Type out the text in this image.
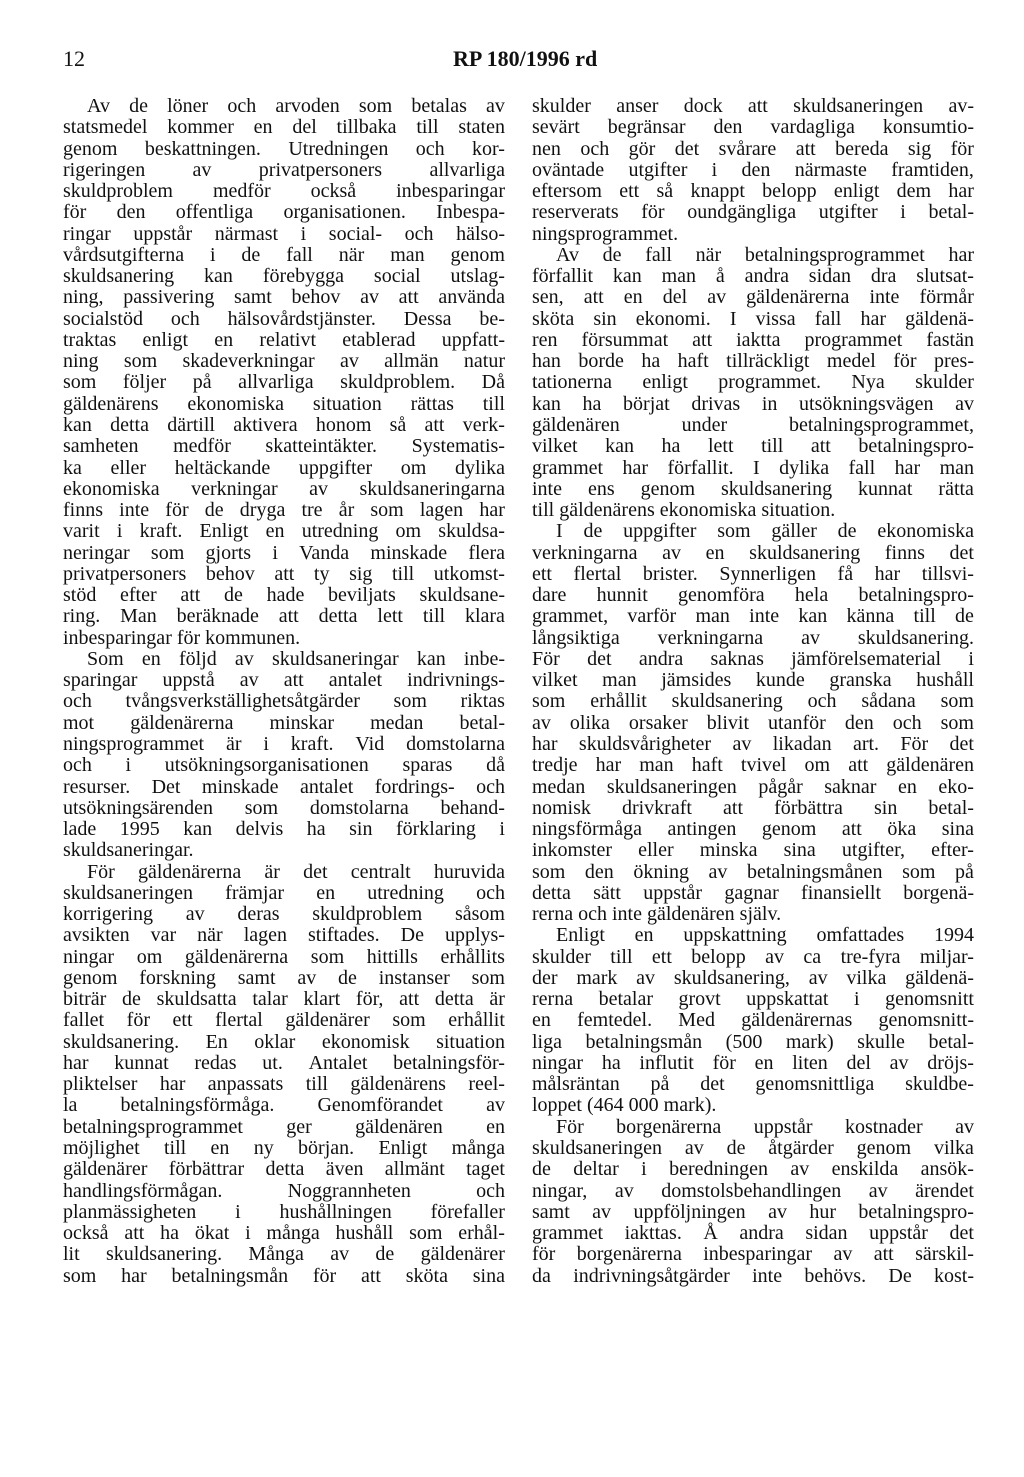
12	RP 180/1996 rd
Av de löner och arvoden som betalas av
statsmedel kommer en del tillbaka till staten
genom beskattningen. Utredningen och kor-
rigeringen av privatpersoners allvarliga
skuldproblem medför också inbesparingar
för den offentliga organisationen. Inbespa-
ringar uppstår närmast i social- och hälso-
vårdsutgifterna i de fall när man genom
skuldsanering kan förebygga social utslag-
ning, passivering samt behov av att använda
socialstöd och hälsovårdstjänster. Dessa be-
traktas enligt en relativt etablerad uppfatt-
ning som skadeverkningar av allmän natur
som följer på allvarliga skuldproblem. Då
gäldenärens ekonomiska situation rättas till
kan detta därtill aktivera honom så att verk-
samheten medför skatteintäkter. Systematis-
ka eller heltäckande uppgifter om dylika
ekonomiska verkningar av skuldsaneringarna
finns inte för de dryga tre år som lagen har
varit i kraft. Enligt en utredning om skuldsa-
neringar som gjorts i Vanda minskade flera
privatpersoners behov att ty sig till utkomst-
stöd efter att de hade beviljats skuldsane-
ring. Man beräknade att detta lett till klara
inbesparingar för kommunen.
Som en följd av skuldsaneringar kan inbe-
sparingar uppstå av att antalet indrivnings-
och tvångsverkställighetsåtgärder som riktas
mot gäldenärerna minskar medan betal-
ningsprogrammet är i kraft. Vid domstolarna
och i utsökningsorganisationen sparas då
resurser. Det minskade antalet fordrings- och
utsökningsärenden som domstolarna behand-
lade 1995 kan delvis ha sin förklaring i
skuldsaneringar.
För gäldenärerna är det centralt huruvida
skuldsaneringen främjar en utredning och
korrigering av deras skuldproblem såsom
avsikten var när lagen stiftades. De upplys-
ningar om gäldenärerna som hittills erhållits
genom forskning samt av de instanser som
biträr de skuldsatta talar klart för, att detta är
fallet för ett flertal gäldenärer som erhållit
skuldsanering. En oklar ekonomisk situation
har kunnat redas ut. Antalet betalningsför-
pliktelser har anpassats till gäldenärens reel-
la betalningsförmåga. Genomförandet av
betalningsprogrammet ger gäldenären en
möjlighet till en ny början. Enligt många
gäldenärer förbättrar detta även allmänt taget
handlingsförmågan.	Noggrannheten	och
planmässigheten i hushållningen förefaller
också att ha ökat i många hushåll som erhål-
lit skuldsanering. Många av de gäldenärer
som har betalningsmån för att sköta sina
skulder anser dock att skuldsaneringen av-
sevärt begränsar den vardagliga konsumtio-
nen och gör det svårare att bereda sig för
oväntade utgifter i den närmaste framtiden,
eftersom ett så knappt belopp enligt dem har
reserverats för oundgängliga utgifter i betal-
ningsprogrammet.
Av de fall när betalningsprogrammet har
förfallit kan man å andra sidan dra slutsat-
sen, att en del av gäldenärerna inte förmår
sköta sin ekonomi. I vissa fall har gäldenä-
ren försummat att iaktta programmet fastän
han borde ha haft tillräckligt medel för pres-
tationerna enligt programmet. Nya skulder
kan ha börjat drivas in utsökningsvägen av
gäldenären	under	betalningsprogrammet,
vilket kan ha lett till att betalningspro-
grammet har förfallit. I dylika fall har man
inte ens genom skuldsanering kunnat rätta
till gäldenärens ekonomiska situation.
I de uppgifter som gäller de ekonomiska
verkningarna av en skuldsanering finns det
ett flertal brister. Synnerligen få har tillsvi-
dare hunnit genomföra hela betalningspro-
grammet, varför man inte kan känna till de
långsiktiga verkningarna av skuldsanering.
För det andra saknas jämförelsematerial i
vilket man jämsides kunde granska hushåll
som erhållit skuldsanering och sådana som
av olika orsaker blivit utanför den och som
har skuldsvårigheter av likadan art. För det
tredje har man haft tvivel om att gäldenären
medan skuldsaneringen pågår saknar en eko-
nomisk drivkraft att förbättra sin betal-
ningsförmåga antingen genom att öka sina
inkomster eller minska sina utgifter, efter-
som den ökning av betalningsmånen som på
detta sätt uppstår gagnar finansiellt borgenä-
rerna och inte gäldenären själv.
Enligt en uppskattning omfattades 1994
skulder till ett belopp av ca tre-fyra miljar-
der mark av skuldsanering, av vilka gäldenä-
rerna betalar grovt uppskattat i genomsnitt
en femtedel. Med gäldenärernas genomsnitt-
liga betalningsmån (500 mark) skulle betal-
ningar ha influtit för en liten del av dröjs-
målsräntan på det genomsnittliga skuldbe-
loppet (464 000 mark).
För borgenärerna uppstår kostnader av
skuldsaneringen av de åtgärder genom vilka
de deltar i beredningen av enskilda ansök-
ningar, av domstolsbehandlingen av ärendet
samt av uppföljningen av hur betalningspro-
grammet iakttas. Å andra sidan uppstår det
för borgenärerna inbesparingar av att särskil-
da indrivningsåtgärder inte behövs. De kost-
